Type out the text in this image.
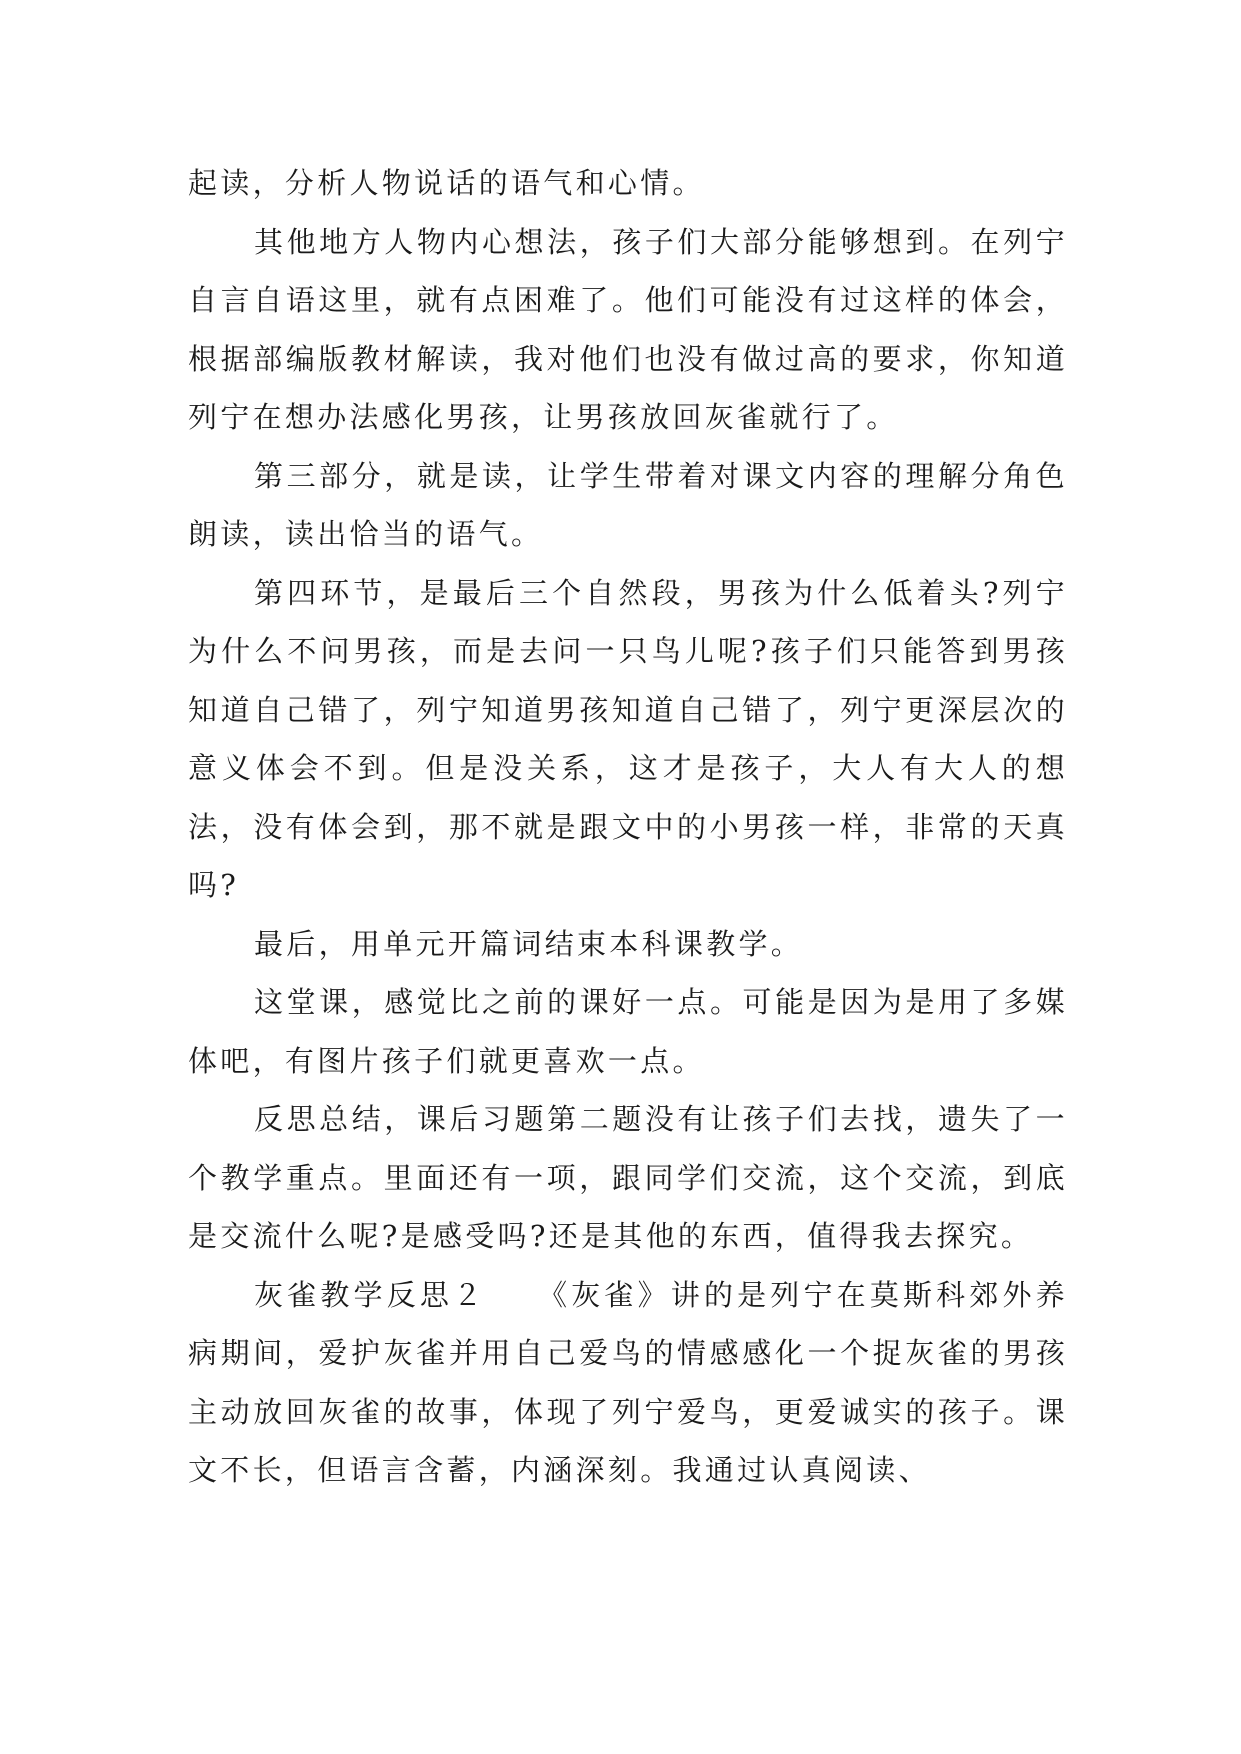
起读，分析人物说话的语气和心情。

其他地方人物内心想法，孩子们大部分能够想到。在列宁自言自语这里，就有点困难了。他们可能没有过这样的体会，根据部编版教材解读，我对他们也没有做过高的要求，你知道列宁在想办法感化男孩，让男孩放回灰雀就行了。

第三部分，就是读，让学生带着对课文内容的理解分角色朗读，读出恰当的语气。

第四环节，是最后三个自然段，男孩为什么低着头?列宁为什么不问男孩，而是去问一只鸟儿呢?孩子们只能答到男孩知道自己错了，列宁知道男孩知道自己错了，列宁更深层次的意义体会不到。但是没关系，这才是孩子，大人有大人的想法，没有体会到，那不就是跟文中的小男孩一样，非常的天真吗?

最后，用单元开篇词结束本科课教学。

这堂课，感觉比之前的课好一点。可能是因为是用了多媒体吧，有图片孩子们就更喜欢一点。

反思总结，课后习题第二题没有让孩子们去找，遗失了一个教学重点。里面还有一项，跟同学们交流，这个交流，到底是交流什么呢?是感受吗?还是其他的东西，值得我去探究。

灰雀教学反思２　　《灰雀》讲的是列宁在莫斯科郊外养病期间，爱护灰雀并用自己爱鸟的情感感化一个捉灰雀的男孩主动放回灰雀的故事，体现了列宁爱鸟，更爱诚实的孩子。课文不长，但语言含蓄，内涵深刻。我通过认真阅读、
